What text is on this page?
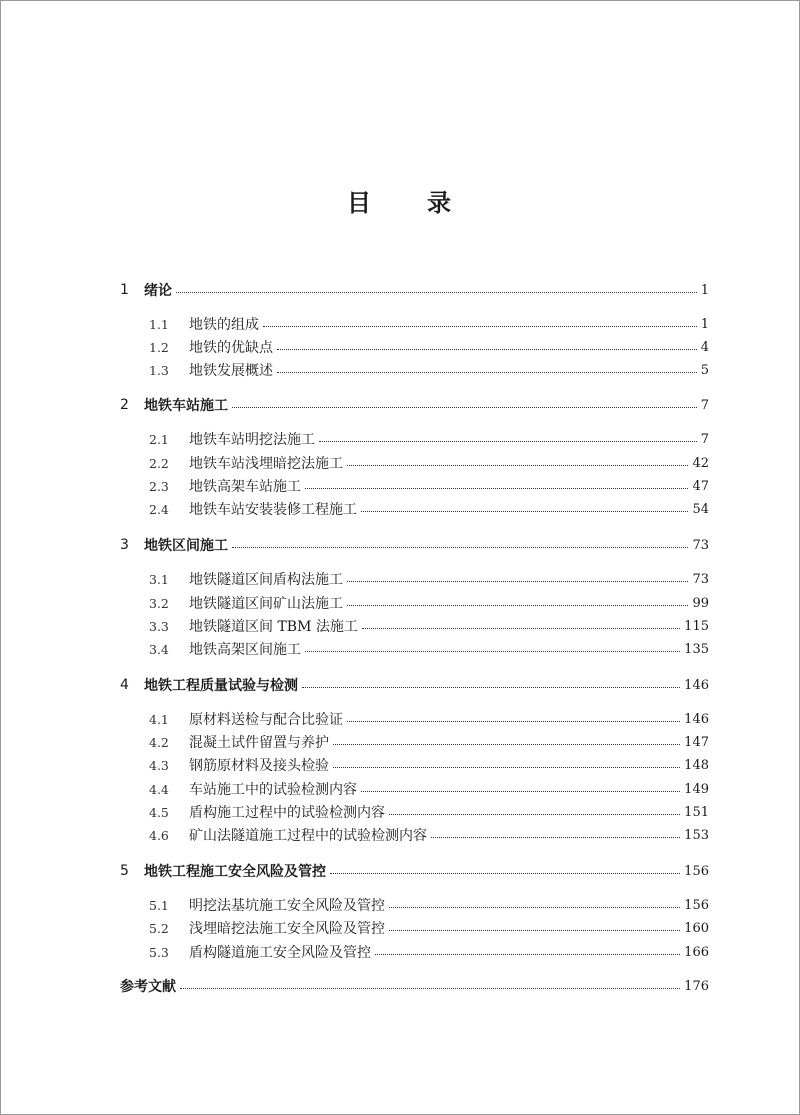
目 录
1	绪论	1
1.1	地铁的组成	1
1.2	地铁的优缺点	4
1.3	地铁发展概述	5
2	地铁车站施工	7
2.1	地铁车站明挖法施工	7
2.2	地铁车站浅埋暗挖法施工	42
2.3	地铁高架车站施工	47
2.4	地铁车站安装装修工程施工	54
3	地铁区间施工	73
3.1	地铁隧道区间盾构法施工	73
3.2	地铁隧道区间矿山法施工	99
3.3	地铁隧道区间 TBM 法施工	115
3.4	地铁高架区间施工	135
4	地铁工程质量试验与检测	146
4.1	原材料送检与配合比验证	146
4.2	混凝土试件留置与养护	147
4.3	钢筋原材料及接头检验	148
4.4	车站施工中的试验检测内容	149
4.5	盾构施工过程中的试验检测内容	151
4.6	矿山法隧道施工过程中的试验检测内容	153
5	地铁工程施工安全风险及管控	156
5.1	明挖法基坑施工安全风险及管控	156
5.2	浅埋暗挖法施工安全风险及管控	160
5.3	盾构隧道施工安全风险及管控	166
参考文献	176
